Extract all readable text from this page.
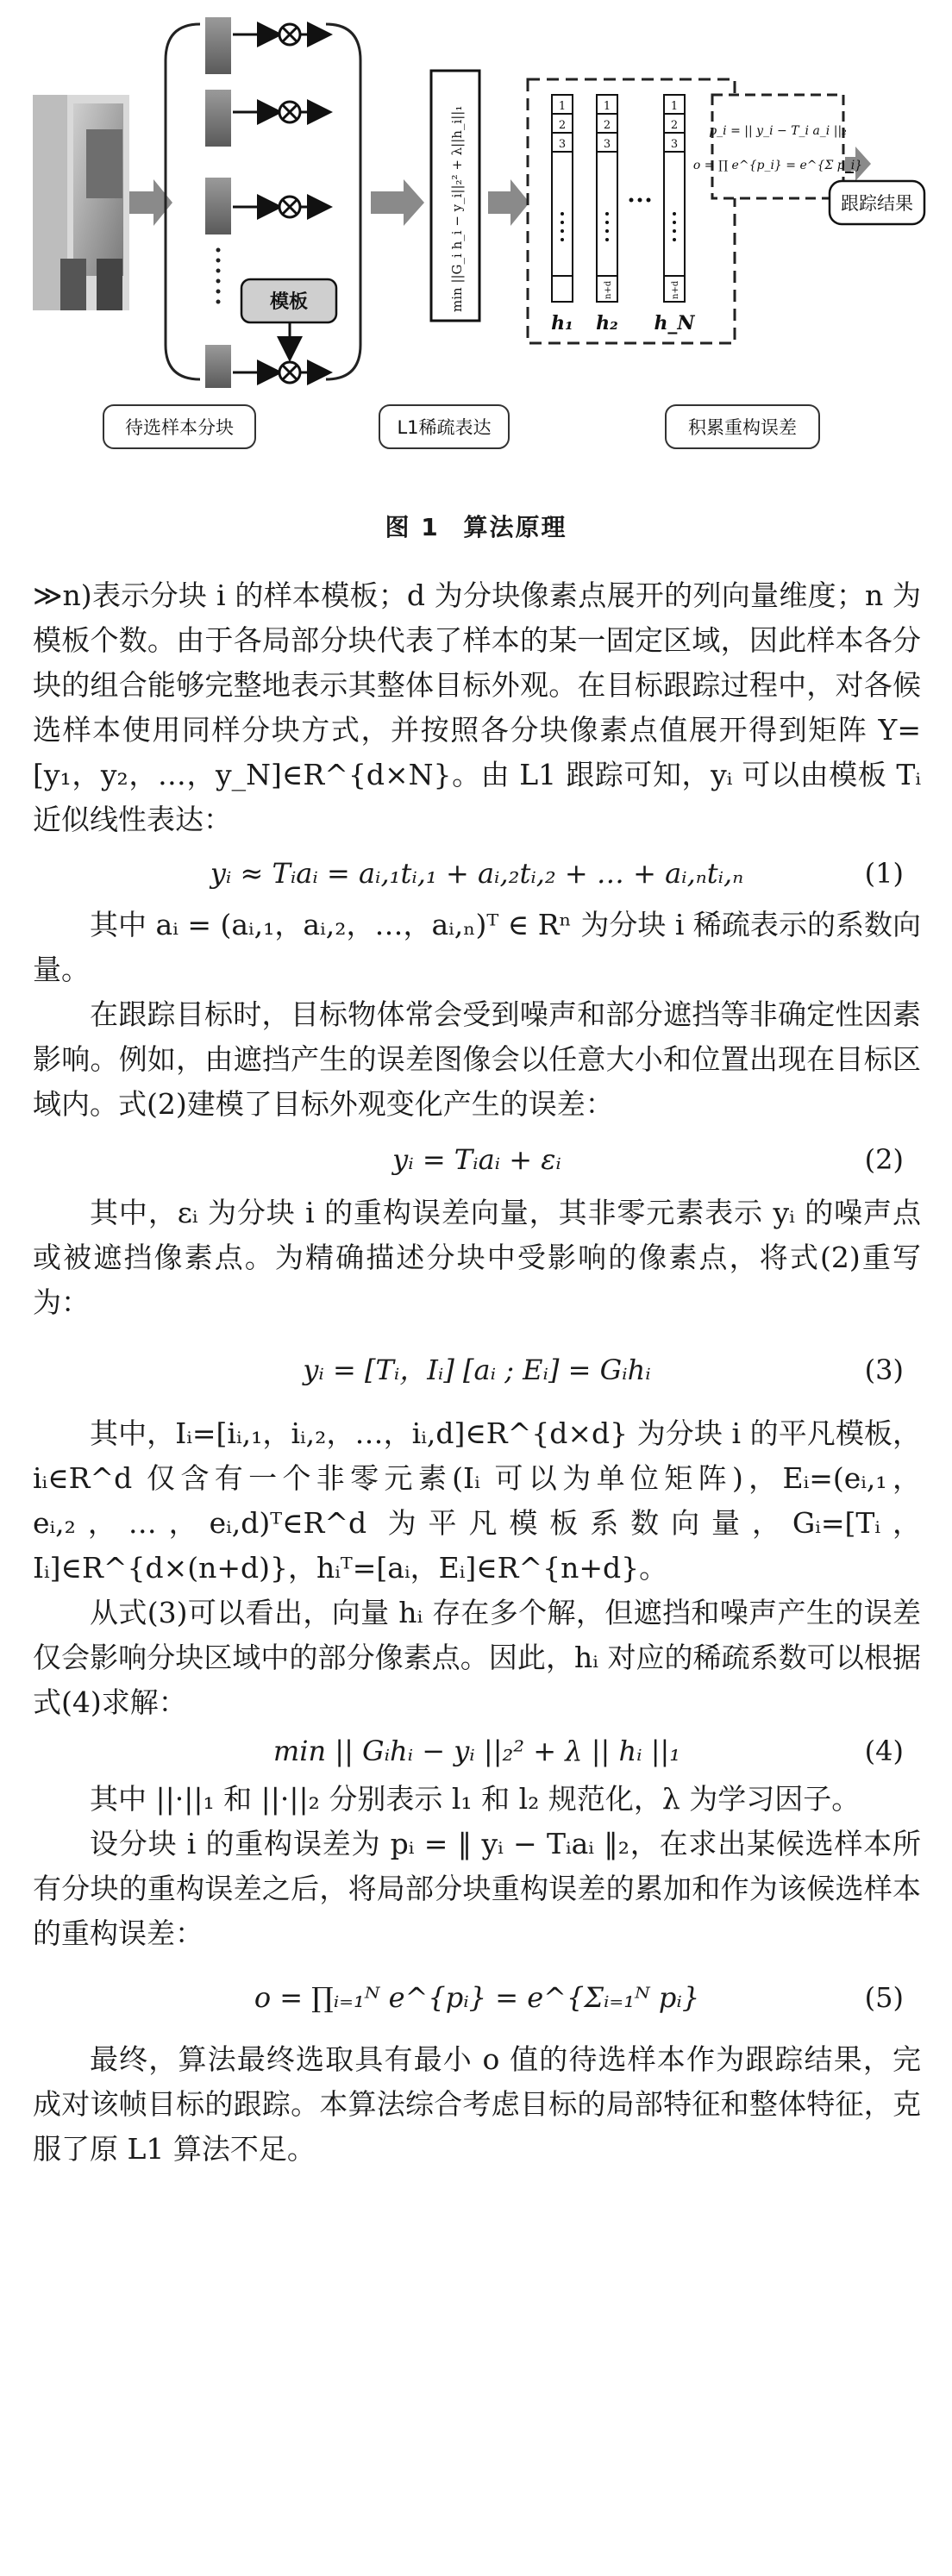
模板	min ||G_i h_i − y_i||₂² + λ||h_i||₁	1
2
3
1
2
3
n+d
1
2
3
n+d
h₁ h₂ h_N
p_i = || y_i − T_i a_i ||₂
o = ∏ e^{p_i} = e^{Σ p_i}
跟踪结果
待选样本分块	L1稀疏表达	积累重构误差
图 1 算法原理

≫n)表示分块 i 的样本模板；d 为分块像素点展开的列向量维度；n 为模板个数。由于各局部分块代表了样本的某一固定区域，因此样本各分块的组合能够完整地表示其整体目标外观。在目标跟踪过程中，对各候选样本使用同样分块方式，并按照各分块像素点值展开得到矩阵 Y=[y₁，y₂，…，y_N]∈R^{d×N}。由 L1 跟踪可知，yᵢ 可以由模板 Tᵢ 近似线性表达：

yᵢ ≈ Tᵢaᵢ = aᵢ,₁tᵢ,₁ + aᵢ,₂tᵢ,₂ + … + aᵢ,ₙtᵢ,ₙ	(1)

其中 aᵢ = (aᵢ,₁，aᵢ,₂，…，aᵢ,ₙ)ᵀ ∈ Rⁿ 为分块 i 稀疏表示的系数向量。

在跟踪目标时，目标物体常会受到噪声和部分遮挡等非确定性因素影响。例如，由遮挡产生的误差图像会以任意大小和位置出现在目标区域内。式(2)建模了目标外观变化产生的误差：

yᵢ = Tᵢaᵢ + εᵢ	(2)

其中，εᵢ 为分块 i 的重构误差向量，其非零元素表示 yᵢ 的噪声点或被遮挡像素点。为精确描述分块中受影响的像素点，将式(2)重写为：

yᵢ = [Tᵢ，Iᵢ] [aᵢ ; Eᵢ] = Gᵢhᵢ	(3)

其中，Iᵢ=[iᵢ,₁，iᵢ,₂，…，iᵢ,d]∈R^{d×d} 为分块 i 的平凡模板，iᵢ∈R^d 仅含有一个非零元素(Iᵢ 可以为单位矩阵)，Eᵢ=(eᵢ,₁，eᵢ,₂，…，eᵢ,d)ᵀ∈R^d 为平凡模板系数向量，Gᵢ=[Tᵢ，Iᵢ]∈R^{d×(n+d)}，hᵢᵀ=[aᵢ，Eᵢ]∈R^{n+d}。

从式(3)可以看出，向量 hᵢ 存在多个解，但遮挡和噪声产生的误差仅会影响分块区域中的部分像素点。因此，hᵢ 对应的稀疏系数可以根据式(4)求解：

min || Gᵢhᵢ − yᵢ ||₂² + λ || hᵢ ||₁	(4)

其中 ||·||₁ 和 ||·||₂ 分别表示 l₁ 和 l₂ 规范化，λ 为学习因子。

设分块 i 的重构误差为 pᵢ = ‖ yᵢ − Tᵢaᵢ ‖₂，在求出某候选样本所有分块的重构误差之后，将局部分块重构误差的累加和作为该候选样本的重构误差：

o = ∏ᵢ₌₁ᴺ e^{pᵢ} = e^{Σᵢ₌₁ᴺ pᵢ}	(5)

最终，算法最终选取具有最小 o 值的待选样本作为跟踪结果，完成对该帧目标的跟踪。本算法综合考虑目标的局部特征和整体特征，克服了原 L1 算法不足。
